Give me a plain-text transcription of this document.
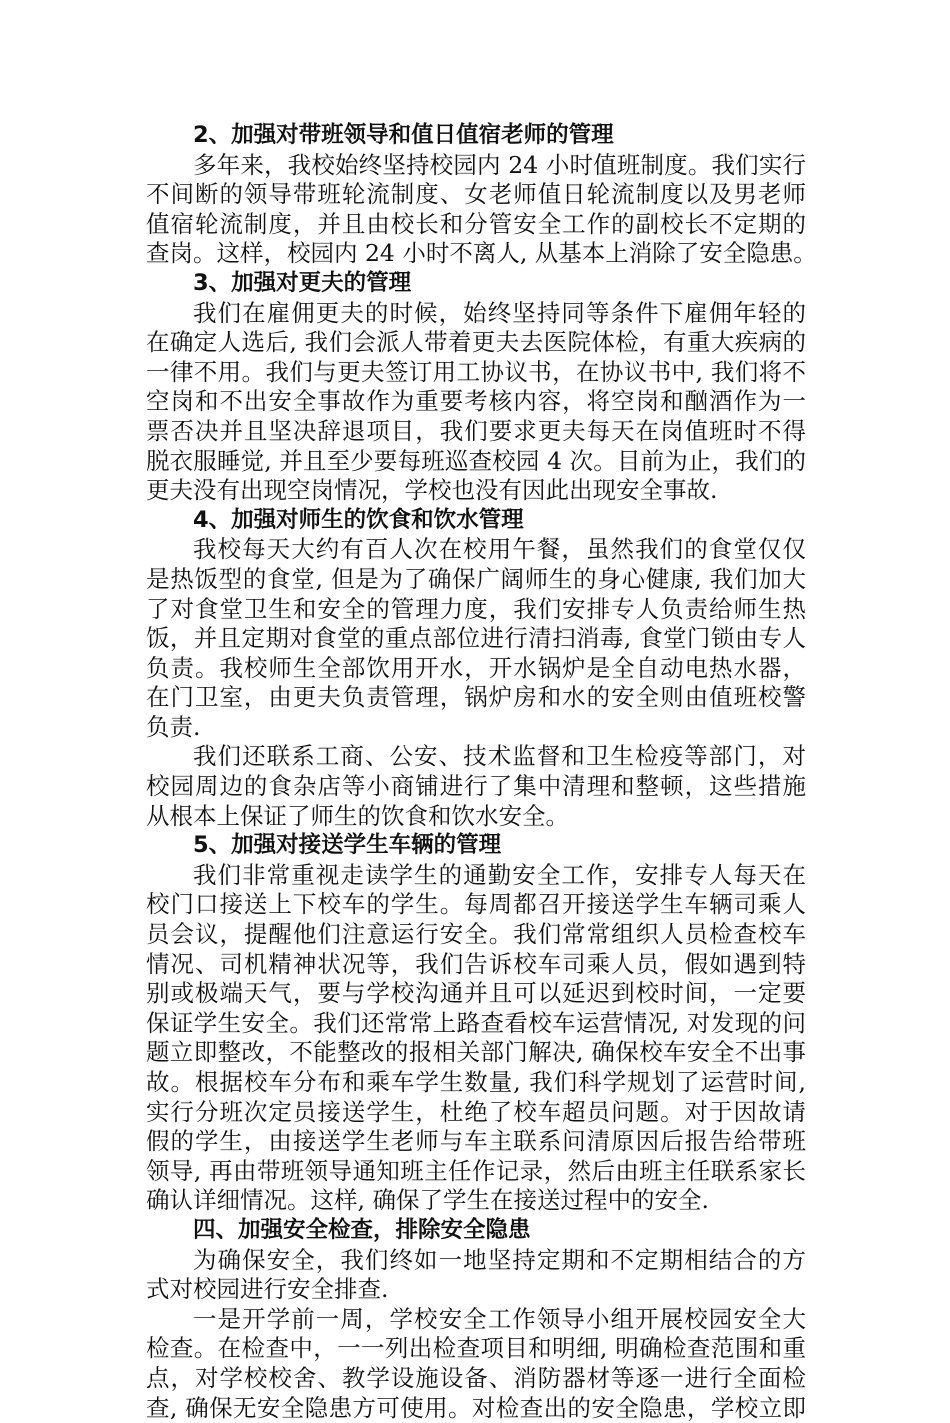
2、加强对带班领导和值日值宿老师的管理
多年来，我校始终坚持校园内 24 小时值班制度。我们实行
不间断的领导带班轮流制度、女老师值日轮流制度以及男老师
值宿轮流制度，并且由校长和分管安全工作的副校长不定期的
查岗。这样，校园内 24 小时不离人, 从基本上消除了安全隐患。
3、加强对更夫的管理
我们在雇佣更夫的时候，始终坚持同等条件下雇佣年轻的
在确定人选后, 我们会派人带着更夫去医院体检，有重大疾病的
一律不用。我们与更夫签订用工协议书，在协议书中, 我们将不
空岗和不出安全事故作为重要考核内容，将空岗和酗酒作为一
票否决并且坚决辞退项目，我们要求更夫每天在岗值班时不得
脱衣服睡觉, 并且至少要每班巡查校园 4 次。目前为止，我们的
更夫没有出现空岗情况，学校也没有因此出现安全事故.
4、加强对师生的饮食和饮水管理
我校每天大约有百人次在校用午餐，虽然我们的食堂仅仅
是热饭型的食堂, 但是为了确保广阔师生的身心健康, 我们加大
了对食堂卫生和安全的管理力度，我们安排专人负责给师生热
饭，并且定期对食堂的重点部位进行清扫消毒, 食堂门锁由专人
负责。我校师生全部饮用开水，开水锅炉是全自动电热水器，
在门卫室，由更夫负责管理，锅炉房和水的安全则由值班校警
负责.
我们还联系工商、公安、技术监督和卫生检疫等部门，对
校园周边的食杂店等小商铺进行了集中清理和整顿，这些措施
从根本上保证了师生的饮食和饮水安全。
5、加强对接送学生车辆的管理
我们非常重视走读学生的通勤安全工作，安排专人每天在
校门口接送上下校车的学生。每周都召开接送学生车辆司乘人
员会议，提醒他们注意运行安全。我们常常组织人员检查校车
情况、司机精神状况等，我们告诉校车司乘人员，假如遇到特
别或极端天气，要与学校沟通并且可以延迟到校时间，一定要
保证学生安全。我们还常常上路查看校车运营情况, 对发现的问
题立即整改，不能整改的报相关部门解决, 确保校车安全不出事
故。根据校车分布和乘车学生数量, 我们科学规划了运营时间,
实行分班次定员接送学生，杜绝了校车超员问题。对于因故请
假的学生，由接送学生老师与车主联系问清原因后报告给带班
领导, 再由带班领导通知班主任作记录，然后由班主任联系家长
确认详细情况。这样, 确保了学生在接送过程中的安全.
四、加强安全检查，排除安全隐患
为确保安全，我们终如一地坚持定期和不定期相结合的方
式对校园进行安全排查.
一是开学前一周，学校安全工作领导小组开展校园安全大
检查。在检查中，一一列出检查项目和明细, 明确检查范围和重
点，对学校校舍、教学设施设备、消防器材等逐一进行全面检
查, 确保无安全隐患方可使用。对检查出的安全隐患，学校立即
